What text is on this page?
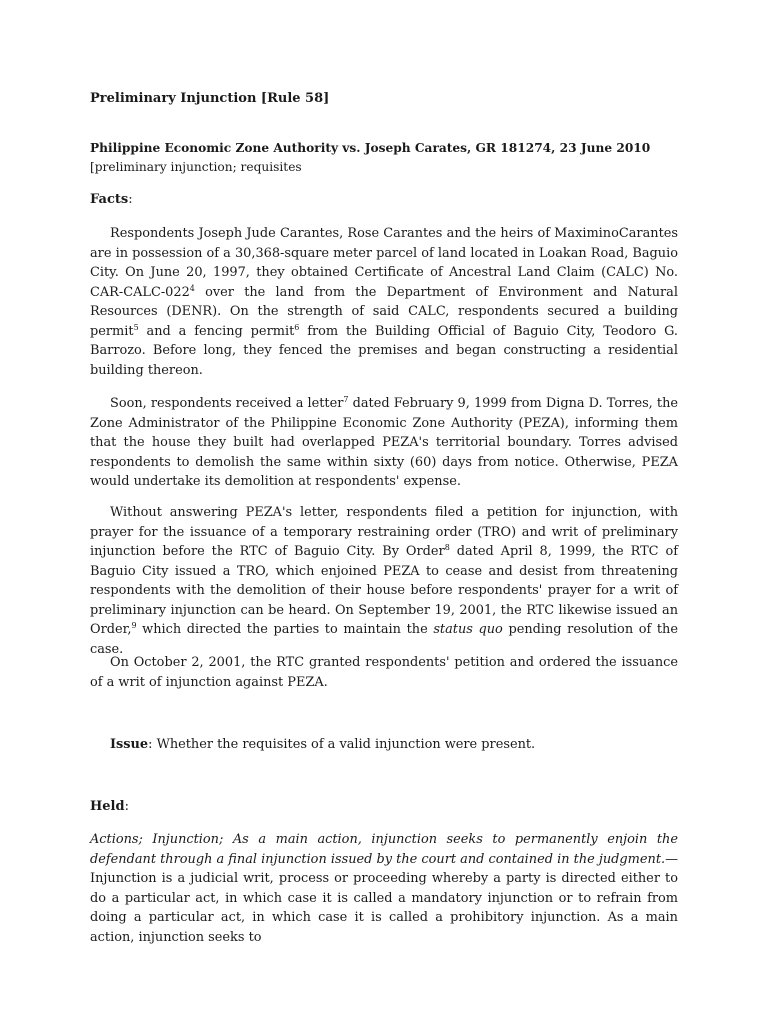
Preliminary Injunction [Rule 58]
Philippine Economic Zone Authority vs. Joseph Carates, GR 181274, 23 June 2010
[preliminary injunction; requisites
Facts:

Respondents Joseph Jude Carantes, Rose Carantes and the heirs of MaximinoCarantes are in possession of a 30,368-square meter parcel of land located in Loakan Road, Baguio City. On June 20, 1997, they obtained Certificate of Ancestral Land Claim (CALC) No. CAR-$CALC-022^4$ over the land from the Department of Environment and Natural Resources (DENR). On the strength of said CALC, respondents secured a building permit$^5$ and a fencing permit$^6$ from the Building Official of Baguio City, Teodoro G. Barrozo. Before long, they fenced the premises and began constructing a residential building thereon.

Soon, respondents received a letter$^7$ dated February 9, 1999 from Digna D. Torres, the Zone Administrator of the Philippine Economic Zone Authority (PEZA), informing them that the house they built had overlapped PEZA's territorial boundary. Torres advised respondents to demolish the same within sixty (60) days from notice. Otherwise, PEZA would undertake its demolition at respondents' expense.

Without answering PEZA's letter, respondents filed a petition for injunction, with prayer for the issuance of a temporary restraining order (TRO) and writ of preliminary injunction before the RTC of Baguio City. By Order$^8$ dated April 8, 1999, the RTC of Baguio City issued a TRO, which enjoined PEZA to cease and desist from threatening respondents with the demolition of their house before respondents' prayer for a writ of preliminary injunction can be heard. On September 19, 2001, the RTC likewise issued an Order,$^9$ which directed the parties to maintain the status quo pending resolution of the case.

On October 2, 2001, the RTC granted respondents' petition and ordered the issuance of a writ of injunction against PEZA.

Issue: Whether the requisites of a valid injunction were present.
Held:

Actions; Injunction; As a main action, injunction seeks to permanently enjoin the defendant through a final injunction issued by the court and contained in the judgment.—Injunction is a judicial writ, process or proceeding whereby a party is directed either to do a particular act, in which case it is called a mandatory injunction or to refrain from doing a particular act, in which case it is called a prohibitory injunction. As a main action, injunction seeks to
